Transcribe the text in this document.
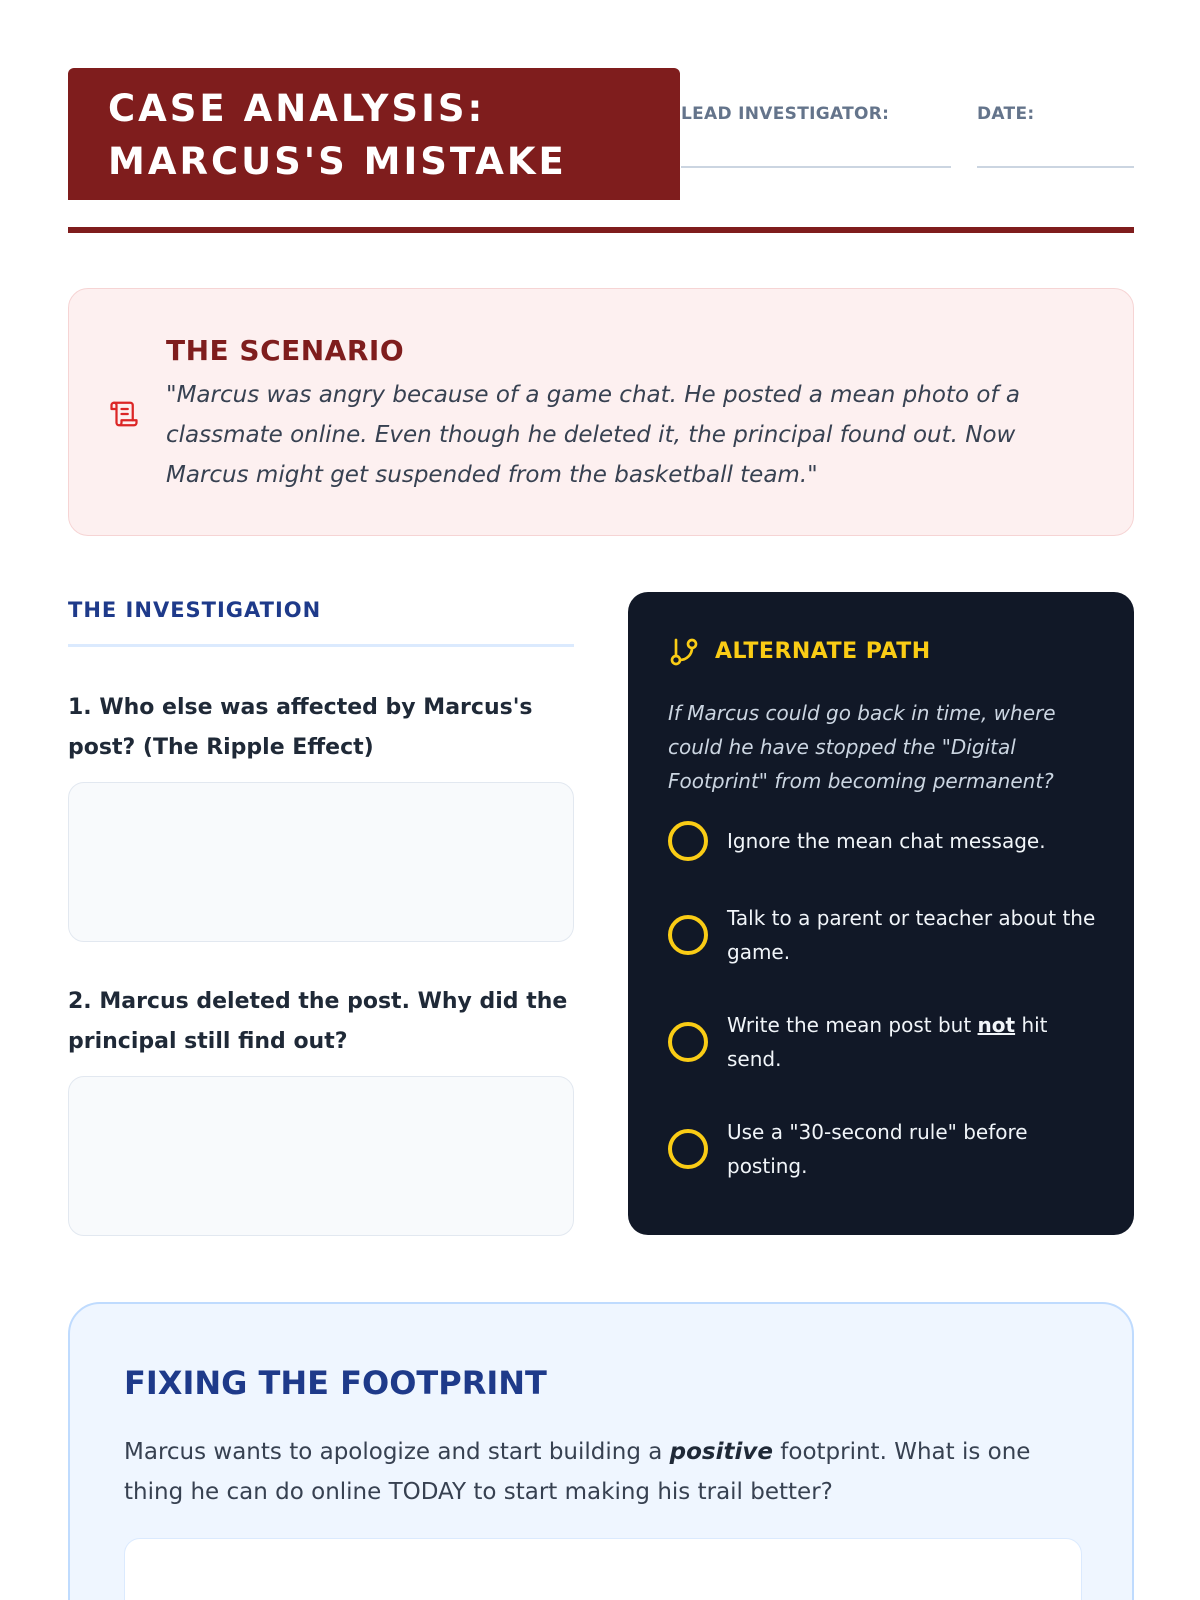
CASE ANALYSIS:
MARCUS'S MISTAKE
LEAD INVESTIGATOR:	DATE:
THE SCENARIO
"Marcus was angry because of a game chat. He posted a mean photo of a classmate online. Even though he deleted it, the principal found out. Now Marcus might get suspended from the basketball team."
THE INVESTIGATION
1. Who else was affected by Marcus's post? (The Ripple Effect)
2. Marcus deleted the post. Why did the principal still find out?
ALTERNATE PATH
If Marcus could go back in time, where could he have stopped the "Digital Footprint" from becoming permanent?
Ignore the mean chat message.
Talk to a parent or teacher about the game.
Write the mean post but not hit send.
Use a "30-second rule" before posting.
FIXING THE FOOTPRINT
Marcus wants to apologize and start building a positive footprint. What is one thing he can do online TODAY to start making his trail better?
